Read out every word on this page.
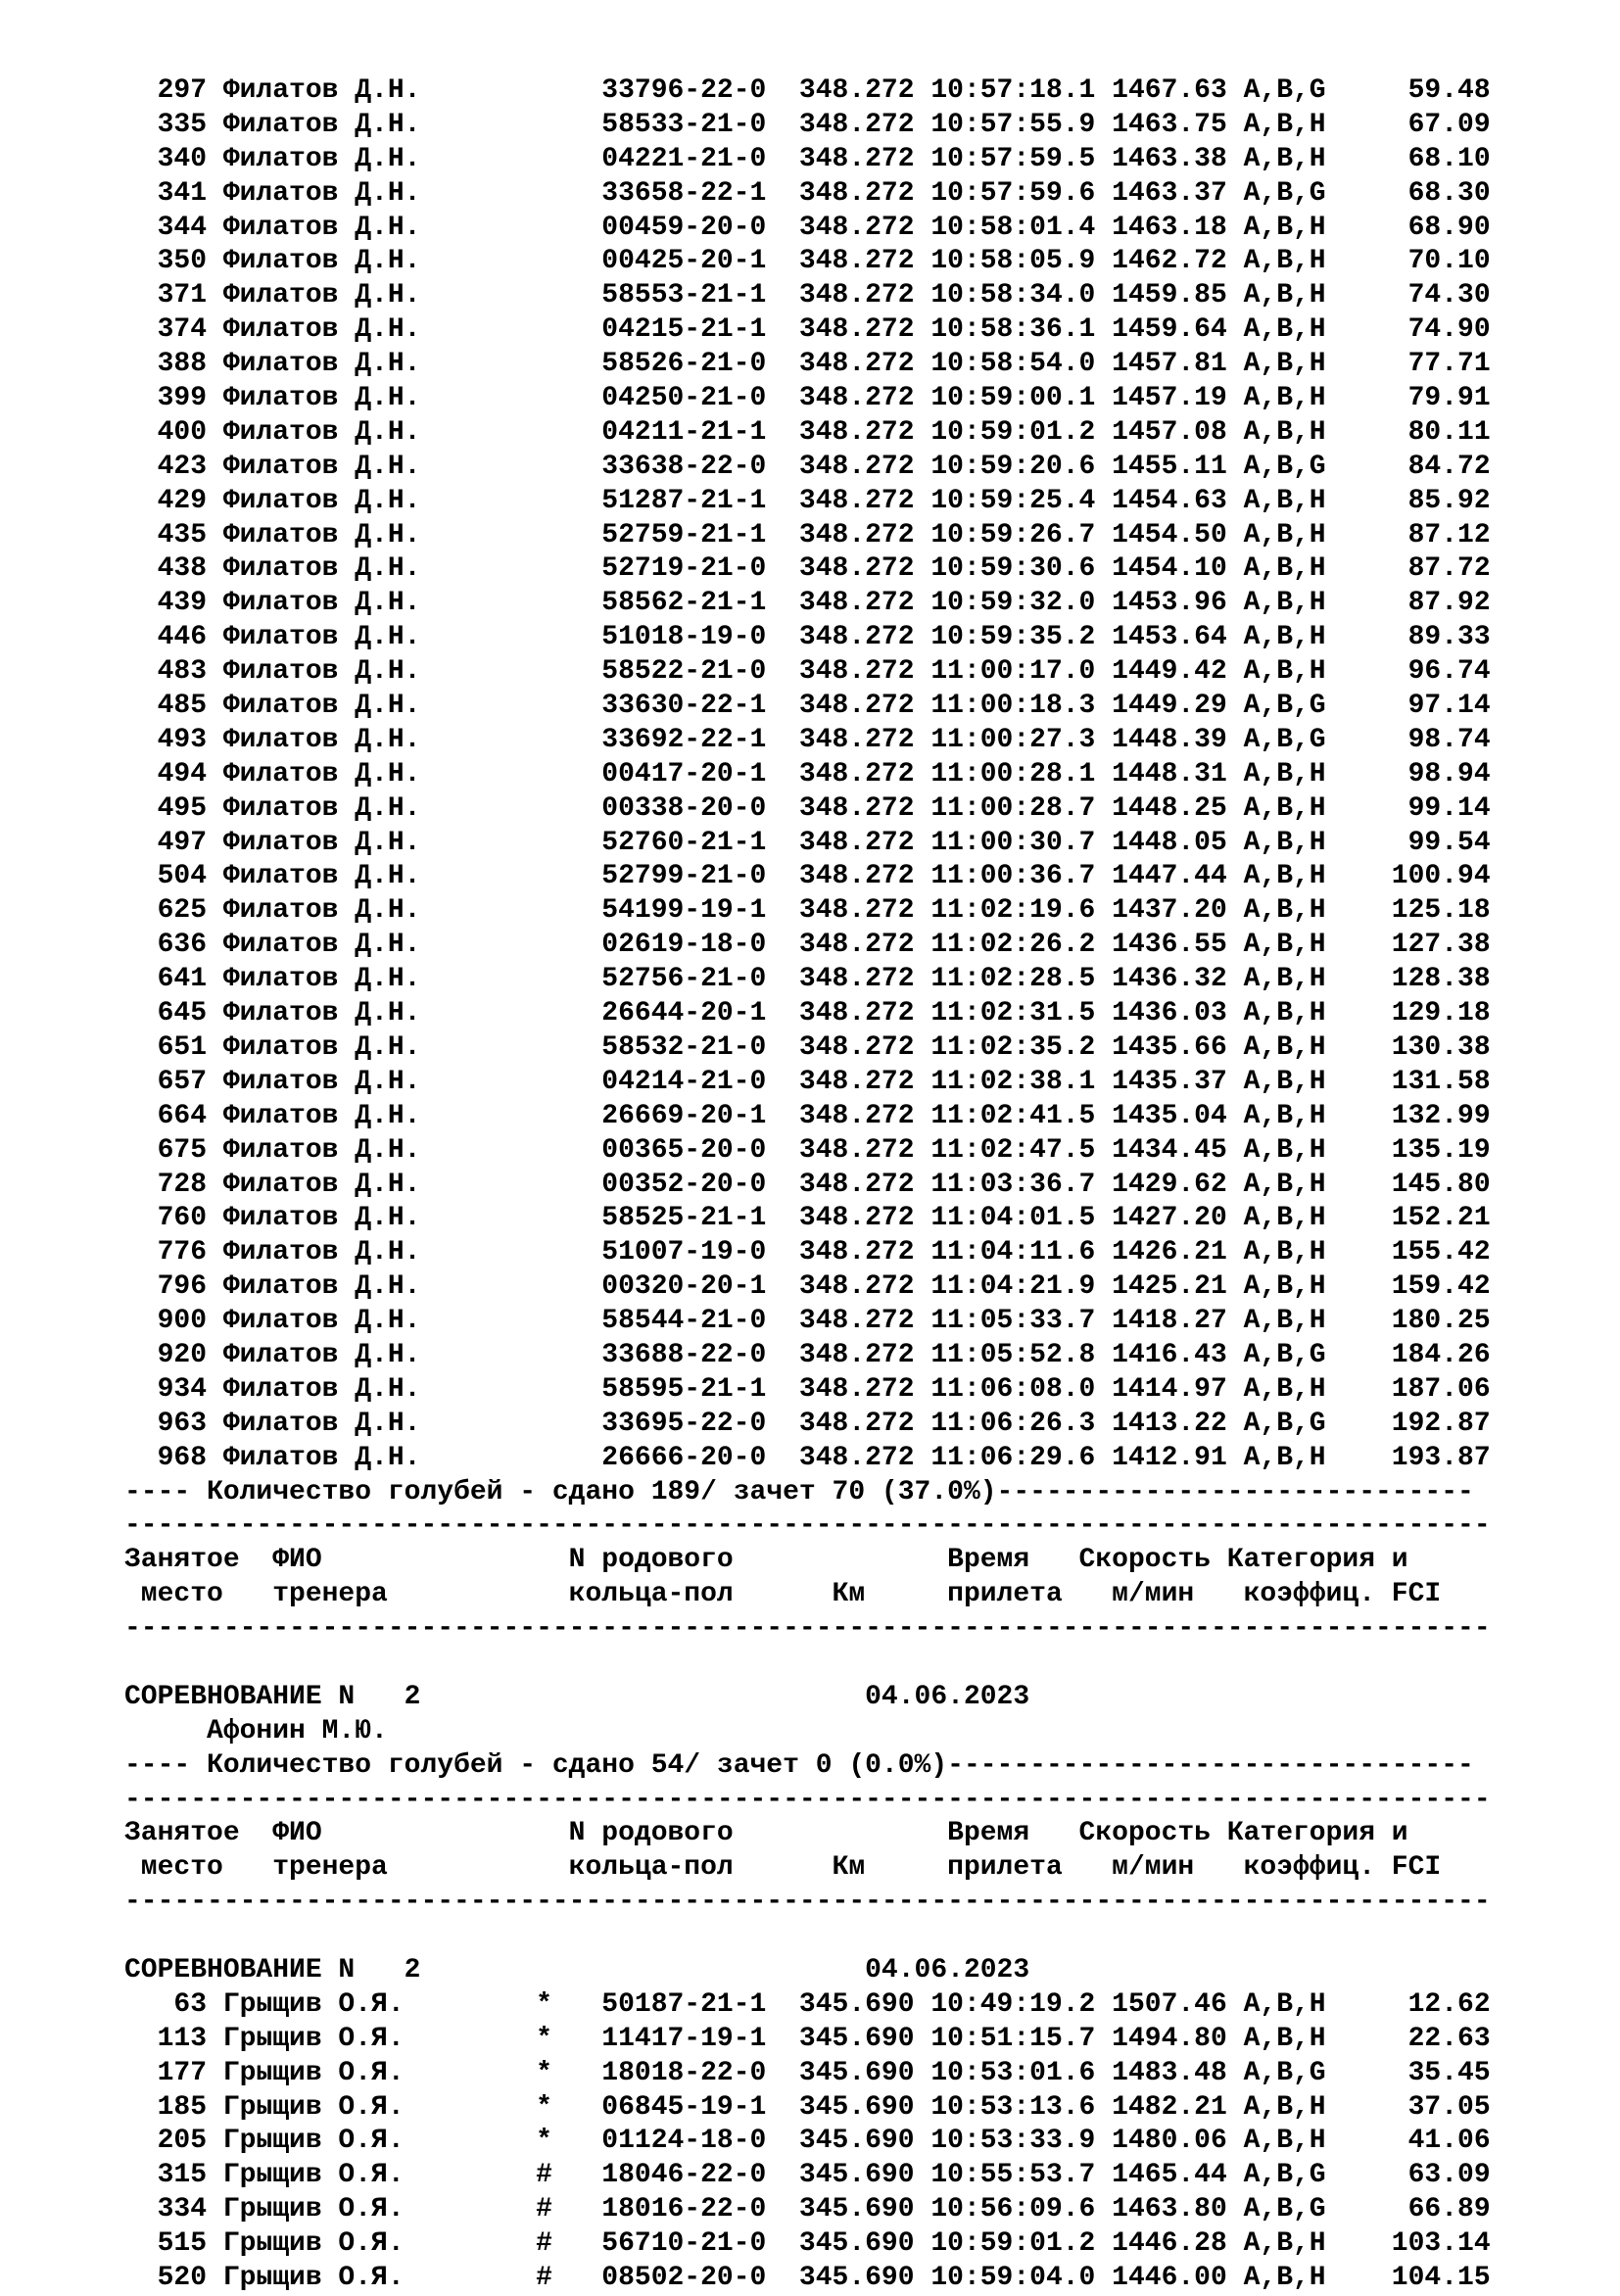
297 Филатов Д.Н.           33796-22-0  348.272 10:57:18.1 1467.63 A,B,G     59.48
335 Филатов Д.Н.           58533-21-0  348.272 10:57:55.9 1463.75 A,B,H     67.09
340 Филатов Д.Н.           04221-21-0  348.272 10:57:59.5 1463.38 A,B,H     68.10
341 Филатов Д.Н.           33658-22-1  348.272 10:57:59.6 1463.37 A,B,G     68.30
344 Филатов Д.Н.           00459-20-0  348.272 10:58:01.4 1463.18 A,B,H     68.90
350 Филатов Д.Н.           00425-20-1  348.272 10:58:05.9 1462.72 A,B,H     70.10
371 Филатов Д.Н.           58553-21-1  348.272 10:58:34.0 1459.85 A,B,H     74.30
374 Филатов Д.Н.           04215-21-1  348.272 10:58:36.1 1459.64 A,B,H     74.90
388 Филатов Д.Н.           58526-21-0  348.272 10:58:54.0 1457.81 A,B,H     77.71
399 Филатов Д.Н.           04250-21-0  348.272 10:59:00.1 1457.19 A,B,H     79.91
400 Филатов Д.Н.           04211-21-1  348.272 10:59:01.2 1457.08 A,B,H     80.11
423 Филатов Д.Н.           33638-22-0  348.272 10:59:20.6 1455.11 A,B,G     84.72
429 Филатов Д.Н.           51287-21-1  348.272 10:59:25.4 1454.63 A,B,H     85.92
435 Филатов Д.Н.           52759-21-1  348.272 10:59:26.7 1454.50 A,B,H     87.12
438 Филатов Д.Н.           52719-21-0  348.272 10:59:30.6 1454.10 A,B,H     87.72
439 Филатов Д.Н.           58562-21-1  348.272 10:59:32.0 1453.96 A,B,H     87.92
446 Филатов Д.Н.           51018-19-0  348.272 10:59:35.2 1453.64 A,B,H     89.33
483 Филатов Д.Н.           58522-21-0  348.272 11:00:17.0 1449.42 A,B,H     96.74
485 Филатов Д.Н.           33630-22-1  348.272 11:00:18.3 1449.29 A,B,G     97.14
493 Филатов Д.Н.           33692-22-1  348.272 11:00:27.3 1448.39 A,B,G     98.74
494 Филатов Д.Н.           00417-20-1  348.272 11:00:28.1 1448.31 A,B,H     98.94
495 Филатов Д.Н.           00338-20-0  348.272 11:00:28.7 1448.25 A,B,H     99.14
497 Филатов Д.Н.           52760-21-1  348.272 11:00:30.7 1448.05 A,B,H     99.54
504 Филатов Д.Н.           52799-21-0  348.272 11:00:36.7 1447.44 A,B,H    100.94
625 Филатов Д.Н.           54199-19-1  348.272 11:02:19.6 1437.20 A,B,H    125.18
636 Филатов Д.Н.           02619-18-0  348.272 11:02:26.2 1436.55 A,B,H    127.38
641 Филатов Д.Н.           52756-21-0  348.272 11:02:28.5 1436.32 A,B,H    128.38
645 Филатов Д.Н.           26644-20-1  348.272 11:02:31.5 1436.03 A,B,H    129.18
651 Филатов Д.Н.           58532-21-0  348.272 11:02:35.2 1435.66 A,B,H    130.38
657 Филатов Д.Н.           04214-21-0  348.272 11:02:38.1 1435.37 A,B,H    131.58
664 Филатов Д.Н.           26669-20-1  348.272 11:02:41.5 1435.04 A,B,H    132.99
675 Филатов Д.Н.           00365-20-0  348.272 11:02:47.5 1434.45 A,B,H    135.19
728 Филатов Д.Н.           00352-20-0  348.272 11:03:36.7 1429.62 A,B,H    145.80
760 Филатов Д.Н.           58525-21-1  348.272 11:04:01.5 1427.20 A,B,H    152.21
776 Филатов Д.Н.           51007-19-0  348.272 11:04:11.6 1426.21 A,B,H    155.42
796 Филатов Д.Н.           00320-20-1  348.272 11:04:21.9 1425.21 A,B,H    159.42
900 Филатов Д.Н.           58544-21-0  348.272 11:05:33.7 1418.27 A,B,H    180.25
920 Филатов Д.Н.           33688-22-0  348.272 11:05:52.8 1416.43 A,B,G    184.26
934 Филатов Д.Н.           58595-21-1  348.272 11:06:08.0 1414.97 A,B,H    187.06
963 Филатов Д.Н.           33695-22-0  348.272 11:06:26.3 1413.22 A,B,G    192.87
968 Филатов Д.Н.           26666-20-0  348.272 11:06:29.6 1412.91 A,B,H    193.87
---- Количество голубей - сдано 189/ зачет 70 (37.0%)-----------------------------
-----------------------------------------------------------------------------------
Занятое  ФИО               N родового             Время   Скорость Категория и
место   тренера           кольца-пол      Км     прилета   м/мин   коэффиц. FCI
-----------------------------------------------------------------------------------
СОРЕВНОВАНИЕ N   2                           04.06.2023
Афонин М.Ю.
---- Количество голубей - сдано 54/ зачет 0 (0.0%)--------------------------------
-----------------------------------------------------------------------------------
Занятое  ФИО               N родового             Время   Скорость Категория и
место   тренера           кольца-пол      Км     прилета   м/мин   коэффиц. FCI
-----------------------------------------------------------------------------------
СОРЕВНОВАНИЕ N   2                           04.06.2023
63 Грыщив О.Я.        *   50187-21-1  345.690 10:49:19.2 1507.46 A,B,H     12.62
113 Грыщив О.Я.        *   11417-19-1  345.690 10:51:15.7 1494.80 A,B,H     22.63
177 Грыщив О.Я.        *   18018-22-0  345.690 10:53:01.6 1483.48 A,B,G     35.45
185 Грыщив О.Я.        *   06845-19-1  345.690 10:53:13.6 1482.21 A,B,H     37.05
205 Грыщив О.Я.        *   01124-18-0  345.690 10:53:33.9 1480.06 A,B,H     41.06
315 Грыщив О.Я.        #   18046-22-0  345.690 10:55:53.7 1465.44 A,B,G     63.09
334 Грыщив О.Я.        #   18016-22-0  345.690 10:56:09.6 1463.80 A,B,G     66.89
515 Грыщив О.Я.        #   56710-21-0  345.690 10:59:01.2 1446.28 A,B,H    103.14
520 Грыщив О.Я.        #   08502-20-0  345.690 10:59:04.0 1446.00 A,B,H    104.15
